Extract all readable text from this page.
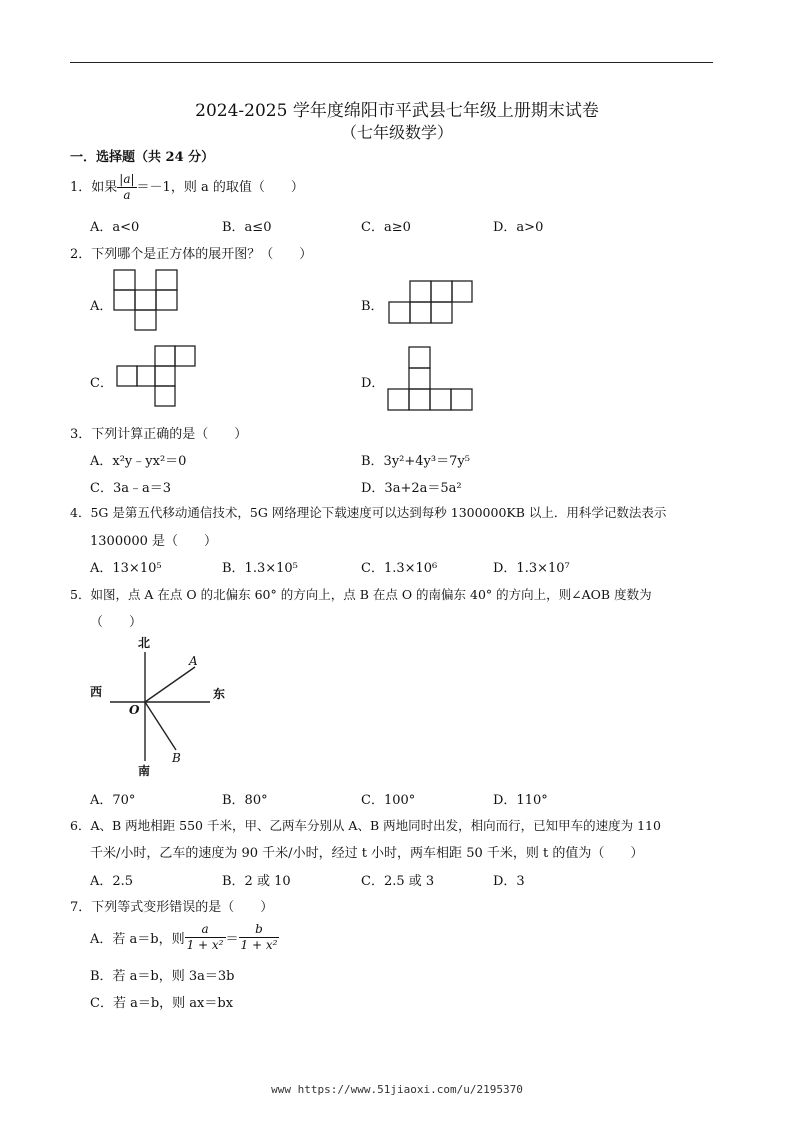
2024-2025 学年度绵阳市平武县七年级上册期末试卷
（七年级数学）
一．选择题（共 24 分）
1．如果 $\frac{|a|}{a} =-1$，则 a 的取值（　　）
A．a<0	B．a≤0	C．a≥0	D．a>0
2．下列哪个是正方体的展开图？（　　）
A．	B．
C．	D．
3．下列计算正确的是（　　）
A．x²y﹣yx²＝0	B．3y²+4y³＝7y⁵
C．3a﹣a＝3	D．3a+2a＝5a²
4．5G 是第五代移动通信技术，5G 网络理论下载速度可以达到每秒 1300000KB 以上．用科学记数法表示
1300000 是（　　）
A．13×10⁵	B．1.3×10⁵	C．1.3×10⁶	D．1.3×10⁷
5．如图，点 A 在点 O 的北偏东 60° 的方向上，点 B 在点 O 的南偏东 40° 的方向上，则∠AOB 度数为
（　　）
北
南
西	东
O
A
B
A．70°	B．80°	C．100°	D．110°
6．A、B 两地相距 550 千米，甲、乙两车分别从 A、B 两地同时出发，相向而行，已知甲车的速度为 110
千米/小时，乙车的速度为 90 千米/小时，经过 t 小时，两车相距 50 千米，则 t 的值为（　　）
A．2.5	B．2 或 10	C．2.5 或 3	D．3
7．下列等式变形错误的是（　　）
A．若 a＝b，则 $\frac{a}{\text{1 + x²}} = \frac{b}{\text{1 + x²}}$
B．若 a＝b，则 3a＝3b
C．若 a＝b，则 ax＝bx
www https://www.51jiaoxi.com/u/2195370
